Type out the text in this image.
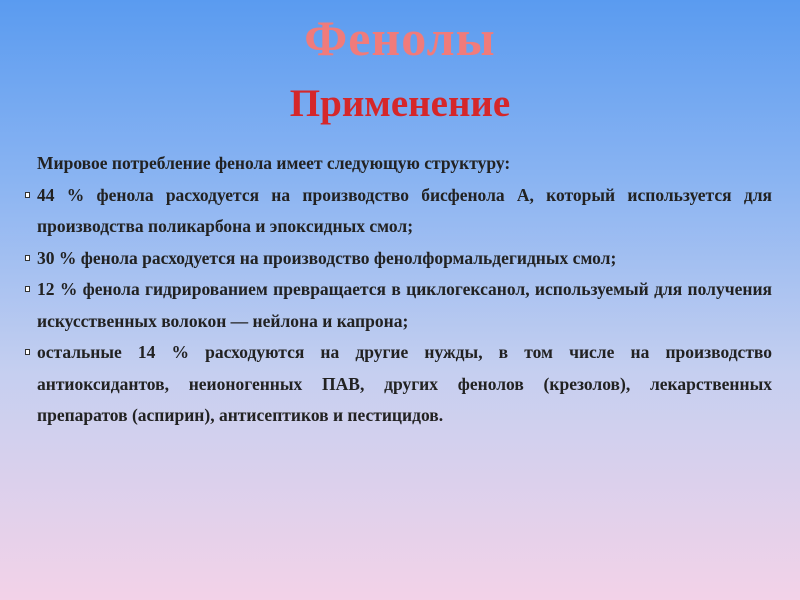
Фенолы
Применение

Мировое потребление фенола имеет следующую структуру:

44 % фенола расходуется на производство бисфенола А, который используется для производства поликарбона и эпоксидных смол;
30 % фенола расходуется на производство фенолформальдегидных смол;
12 % фенола гидрированием превращается в циклогексанол, используемый для получения искусственных волокон — нейлона и капрона;
остальные 14 % расходуются на другие нужды, в том числе на производство антиоксидантов, неионогенных ПАВ, других фенолов (крезолов), лекарственных препаратов (аспирин), антисептиков и пестицидов.
